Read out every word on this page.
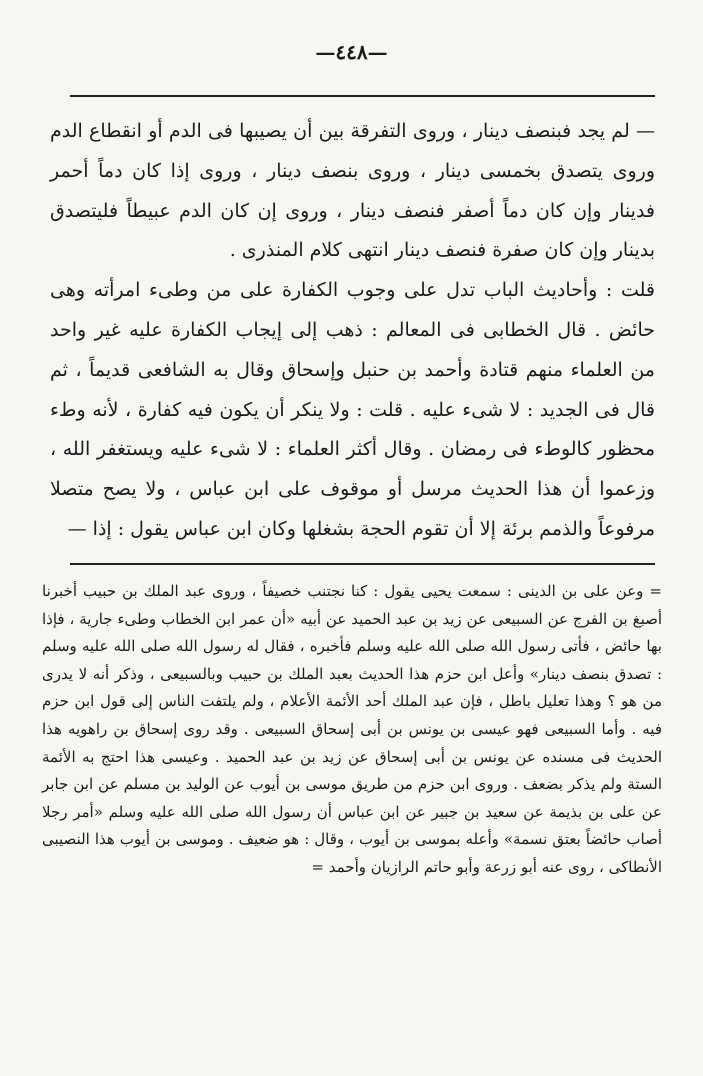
—٤٤٨—

— لم يجد فبنصف دينار ، وروى التفرقة بين أن يصيبها فى الدم أو انقطاع الدم وروى يتصدق بخمسى دينار ، وروى بنصف دينار ، وروى إذا كان دماً أحمر فدينار وإن كان دماً أصفر فنصف دينار ، وروى إن كان الدم عبيطاً فليتصدق بدينار وإن كان صفرة فنصف دينار انتهى كلام المنذرى .

قلت : وأحاديث الباب تدل على وجوب الكفارة على من وطىء امرأته وهى حائض . قال الخطابى فى المعالم : ذهب إلى إيجاب الكفارة عليه غير واحد من العلماء منهم قتادة وأحمد بن حنبل وإسحاق وقال به الشافعى قديماً ، ثم قال فى الجديد : لا شىء عليه . قلت : ولا ينكر أن يكون فيه كفارة ، لأنه وطء محظور كالوطء فى رمضان . وقال أكثر العلماء : لا شىء عليه ويستغفر الله ، وزعموا أن هذا الحديث مرسل أو موقوف على ابن عباس ، ولا يصح متصلا مرفوعاً والذمم برئة إلا أن تقوم الحجة بشغلها وكان ابن عباس يقول : إذا —

= وعن على بن الدينى : سمعت يحيى يقول : كنا نجتنب خصيفاً ، وروى عبد الملك بن حبيب أخبرنا أصبغ بن الفرج عن السبيعى عن زيد بن عبد الحميد عن أبيه «أن عمر ابن الخطاب وطىء جارية ، فإذا بها حائض ، فأتى رسول الله صلى الله عليه وسلم فأخبره ، فقال له رسول الله صلى الله عليه وسلم : تصدق بنصف دينار» وأعل ابن حزم هذا الحديث بعبد الملك بن حبيب وبالسبيعى ، وذكر أنه لا يدرى من هو ؟ وهذا تعليل باطل ، فإن عبد الملك أحد الأئمة الأعلام ، ولم يلتفت الناس إلى قول ابن حزم فيه . وأما السبيعى فهو عيسى بن يونس بن أبى إسحاق السبيعى . وقد روى إسحاق بن راهويه هذا الحديث فى مسنده عن يونس بن أبى إسحاق عن زيد بن عبد الحميد . وعيسى هذا احتج به الأئمة الستة ولم يذكر بضعف . وروى ابن حزم من طريق موسى بن أيوب عن الوليد بن مسلم عن ابن جابر عن على بن بذيمة عن سعيد بن جبير عن ابن عباس أن رسول الله صلى الله عليه وسلم «أمر رجلا أصاب حائضاً بعتق نسمة» وأعله بموسى بن أيوب ، وقال : هو ضعيف . وموسى بن أيوب هذا النصيبى الأنطاكى ، روى عنه أبو زرعة وأبو حاتم الرازيان وأحمد =
